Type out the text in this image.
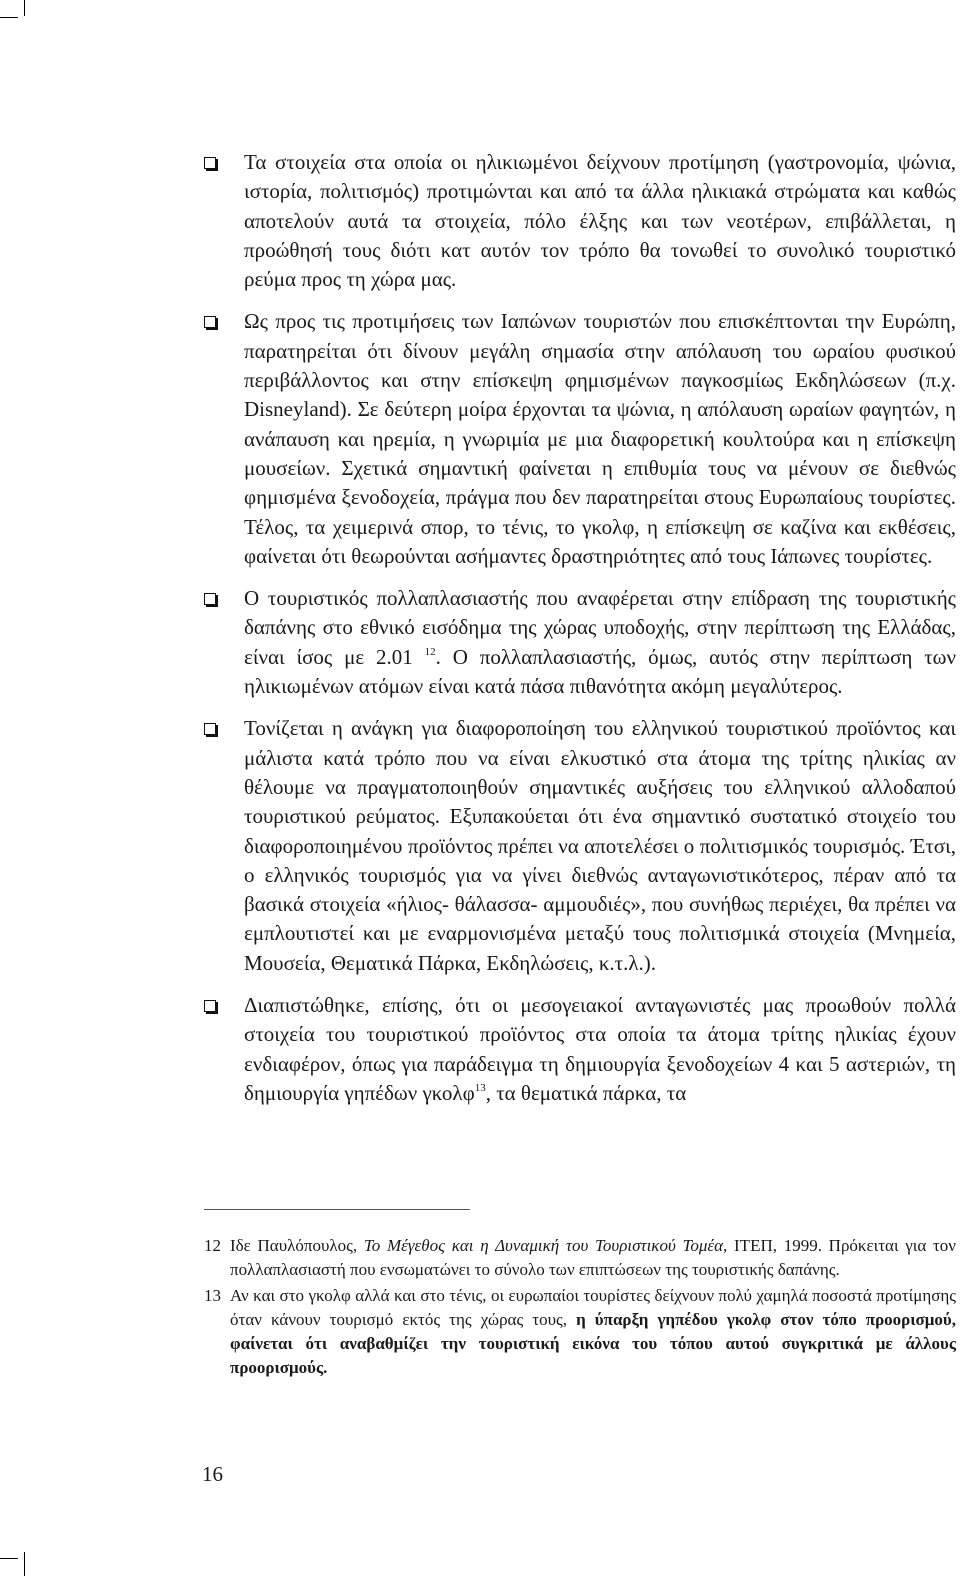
Τα στοιχεία στα οποία οι ηλικιωμένοι δείχνουν προτίμηση (γαστρονομία, ψώνια, ιστορία, πολιτισμός) προτιμώνται και από τα άλλα ηλικιακά στρώματα και καθώς αποτελούν αυτά τα στοιχεία, πόλο έλξης και των νεοτέρων, επιβάλλεται, η προώθησή τους διότι κατ αυτόν τον τρόπο θα τονωθεί το συνολικό τουριστικό ρεύμα προς τη χώρα μας.
Ως προς τις προτιμήσεις των Ιαπώνων τουριστών που επισκέπτονται την Ευρώπη, παρατηρείται ότι δίνουν μεγάλη σημασία στην απόλαυση του ωραίου φυσικού περιβάλλοντος και στην επίσκεψη φημισμένων παγκοσμίως Εκδηλώσεων (π.χ. Disneyland). Σε δεύτερη μοίρα έρχονται τα ψώνια, η απόλαυση ωραίων φαγητών, η ανάπαυση και ηρεμία, η γνωριμία με μια διαφορετική κουλτούρα και η επίσκεψη μουσείων. Σχετικά σημαντική φαίνεται η επιθυμία τους να μένουν σε διεθνώς φημισμένα ξενοδοχεία, πράγμα που δεν παρατηρείται στους Ευρωπαίους τουρίστες. Τέλος, τα χειμερινά σπορ, το τένις, το γκολφ, η επίσκεψη σε καζίνα και εκθέσεις, φαίνεται ότι θεωρούνται ασήμαντες δραστηριότητες από τους Ιάπωνες τουρίστες.
Ο τουριστικός πολλαπλασιαστής που αναφέρεται στην επίδραση της τουριστικής δαπάνης στο εθνικό εισόδημα της χώρας υποδοχής, στην περίπτωση της Ελλάδας, είναι ίσος με 2.01 $^{12}$. Ο πολλαπλασιαστής, όμως, αυτός στην περίπτωση των ηλικιωμένων ατόμων είναι κατά πάσα πιθανότητα ακόμη μεγαλύτερος.
Τονίζεται η ανάγκη για διαφοροποίηση του ελληνικού τουριστικού προϊόντος και μάλιστα κατά τρόπο που να είναι ελκυστικό στα άτομα της τρίτης ηλικίας αν θέλουμε να πραγματοποιηθούν σημαντικές αυξήσεις του ελληνικού αλλοδαπού τουριστικού ρεύματος. Εξυπακούεται ότι ένα σημαντικό συστατικό στοιχείο του διαφοροποιημένου προϊόντος πρέπει να αποτελέσει ο πολιτισμικός τουρισμός. Έτσι, ο ελληνικός τουρισμός για να γίνει διεθνώς ανταγωνιστικότερος, πέραν από τα βασικά στοιχεία «ήλιος- θάλασσα- αμμουδιές», που συνήθως περιέχει, θα πρέπει να εμπλουτιστεί και με εναρμονισμένα μεταξύ τους πολιτισμικά στοιχεία (Μνημεία, Μουσεία, Θεματικά Πάρκα, Εκδηλώσεις, κ.τ.λ.).
Διαπιστώθηκε, επίσης, ότι οι μεσογειακοί ανταγωνιστές μας προωθούν πολλά στοιχεία του τουριστικού προϊόντος στα οποία τα άτομα τρίτης ηλικίας έχουν ενδιαφέρον, όπως για παράδειγμα τη δημιουργία ξενοδοχείων 4 και 5 αστεριών, τη δημιουργία γηπέδων γκολφ$^{13}$, τα θεματικά πάρκα, τα
12 Ιδε Παυλόπουλος, Το Μέγεθος και η Δυναμική του Τουριστικού Τομέα, ΙΤΕΠ, 1999. Πρόκειται για τον πολλαπλασιαστή που ενσωματώνει το σύνολο των επιπτώσεων της τουριστικής δαπάνης.
13 Αν και στο γκολφ αλλά και στο τένις, οι ευρωπαίοι τουρίστες δείχνουν πολύ χαμηλά ποσοστά προτίμησης όταν κάνουν τουρισμό εκτός της χώρας τους, η ύπαρξη γηπέδου γκολφ στον τόπο προορισμού, φαίνεται ότι αναβαθμίζει την τουριστική εικόνα του τόπου αυτού συγκριτικά με άλλους προορισμούς.
16
